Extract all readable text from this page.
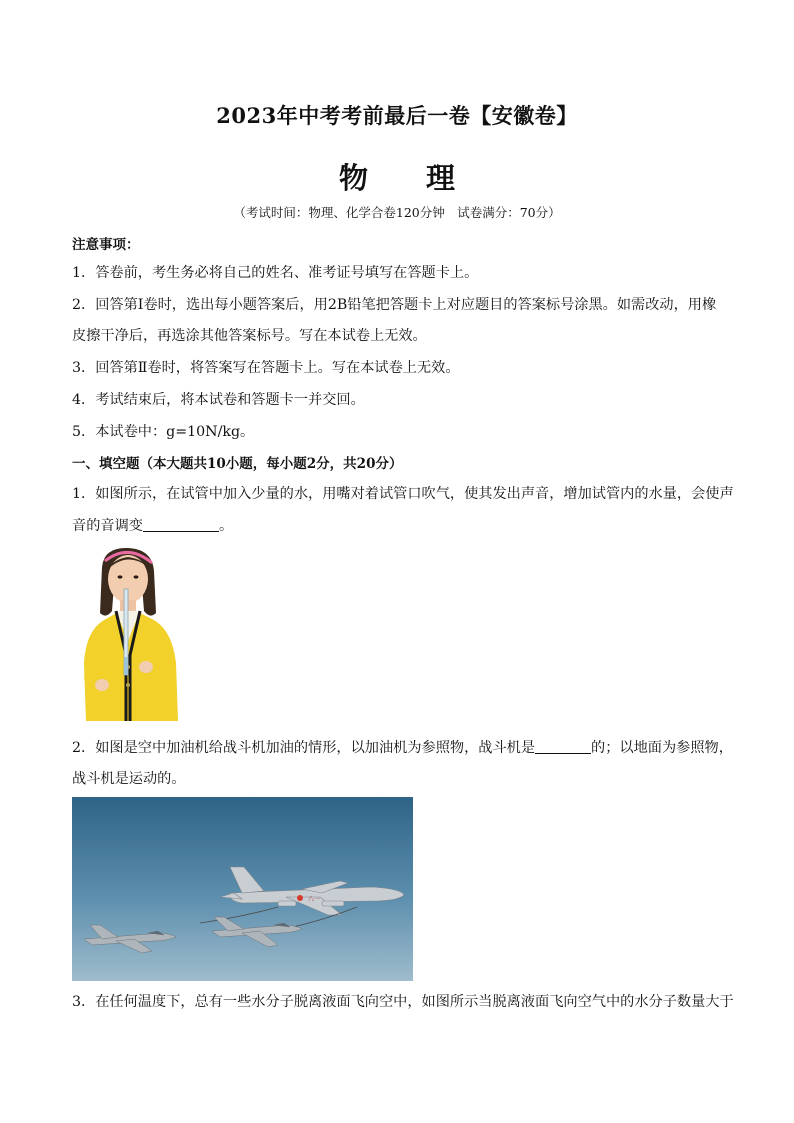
2023年中考考前最后一卷【安徽卷】
物理
（考试时间：物理、化学合卷120分钟　试卷满分：70分）
注意事项：
1．答卷前，考生务必将自己的姓名、准考证号填写在答题卡上。
2．回答第Ⅰ卷时，选出每小题答案后，用2B铅笔把答题卡上对应题目的答案标号涂黑。如需改动，用橡
皮擦干净后，再选涂其他答案标号。写在本试卷上无效。
3．回答第Ⅱ卷时，将答案写在答题卡上。写在本试卷上无效。
4．考试结束后，将本试卷和答题卡一并交回。
5．本试卷中：g=10N/kg。
一、填空题（本大题共10小题，每小题2分，共20分）
1．如图所示，在试管中加入少量的水，用嘴对着试管口吹气，使其发出声音，增加试管内的水量，会使声
音的音调变	。
2．如图是空中加油机给战斗机加油的情形，以加油机为参照物，战斗机是	的；以地面为参照物，
战斗机是运动的。
八一
3．在任何温度下，总有一些水分子脱离液面飞向空中，如图所示当脱离液面飞向空气中的水分子数量大于
